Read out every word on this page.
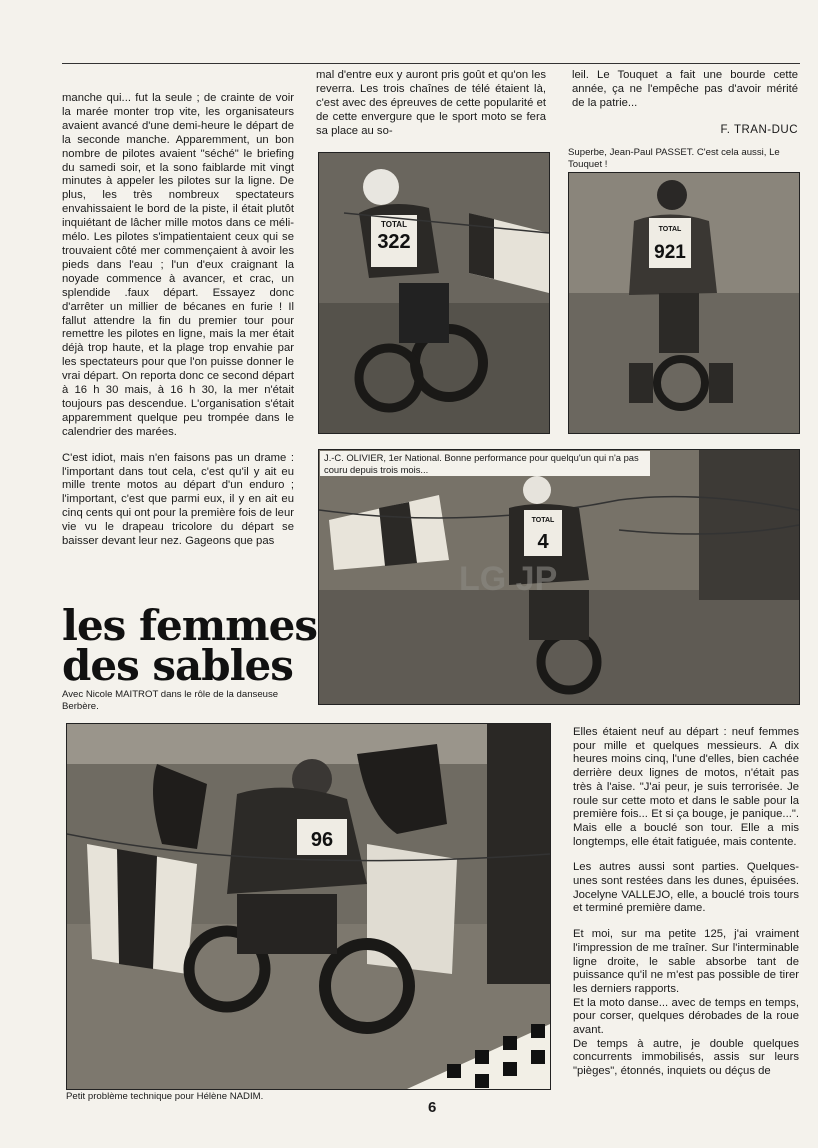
manche qui... fut la seule ; de crainte de voir la marée monter trop vite, les organisateurs avaient avancé d'une demi-heure le départ de la seconde manche. Apparemment, un bon nombre de pilotes avaient "séché" le briefing du samedi soir, et la sono faiblarde mit vingt minutes à appeler les pilotes sur la ligne. De plus, les très nombreux spectateurs envahissaient le bord de la piste, il était plutôt inquiétant de lâcher mille motos dans ce méli-mélo. Les pilotes s'impatientaient ceux qui se trouvaient côté mer commençaient à avoir les pieds dans l'eau ; l'un d'eux craignant la noyade commence à avancer, et crac, un splendide .faux départ. Essayez donc d'arrêter un millier de bécanes en furie ! Il fallut attendre la fin du premier tour pour remettre les pilotes en ligne, mais la mer était déjà trop haute, et la plage trop envahie par les spectateurs pour que l'on puisse donner le vrai départ. On reporta donc ce second départ à 16 h 30 mais, à 16 h 30, la mer n'était toujours pas descendue. L'organisation s'était apparemment quelque peu trompée dans le calendrier des marées.

C'est idiot, mais n'en faisons pas un drame : l'important dans tout cela, c'est qu'il y ait eu mille trente motos au départ d'un enduro ; l'important, c'est que parmi eux, il y en ait eu cinq cents qui ont pour la première fois de leur vie vu le drapeau tricolore du départ se baisser devant leur nez. Gageons que pas

mal d'entre eux y auront pris goût et qu'on les reverra. Les trois chaînes de télé étaient là, c'est avec des épreuves de cette popularité et de cette envergure que le sport moto se fera sa place au so-

leil. Le Touquet a fait une bourde cette année, ça ne l'empêche pas d'avoir mérité de la patrie...

F. TRAN-DUC
322
TOTAL
Superbe, Jean-Paul PASSET. C'est cela aussi, Le Touquet !
TOTAL
921
TOTAL
4
LG JP
J.-C. OLIVIER, 1er National. Bonne performance pour quelqu'un qui n'a pas couru depuis trois mois...
les femmes
des sables
Avec Nicole MAITROT dans le rôle de la danseuse Berbère.
96
Petit problème technique pour Hélène NADIM.

Elles étaient neuf au départ : neuf femmes pour mille et quelques messieurs. A dix heures moins cinq, l'une d'elles, bien cachée derrière deux lignes de motos, n'était pas très à l'aise. "J'ai peur, je suis terrorisée. Je roule sur cette moto et dans le sable pour la première fois... Et si ça bouge, je panique...". Mais elle a bouclé son tour. Elle a mis longtemps, elle était fatiguée, mais contente.

Les autres aussi sont parties. Quelques-unes sont restées dans les dunes, épuisées. Jocelyne VALLEJO, elle, a bouclé trois tours et terminé première dame.

Et moi, sur ma petite 125, j'ai vraiment l'impression de me traîner. Sur l'interminable ligne droite, le sable absorbe tant de puissance qu'il ne m'est pas possible de tirer les derniers rapports.

Et la moto danse... avec de temps en temps, pour corser, quelques dérobades de la roue avant.

De temps à autre, je double quelques concurrents immobilisés, assis sur leurs "pièges", étonnés, inquiets ou déçus de

6
